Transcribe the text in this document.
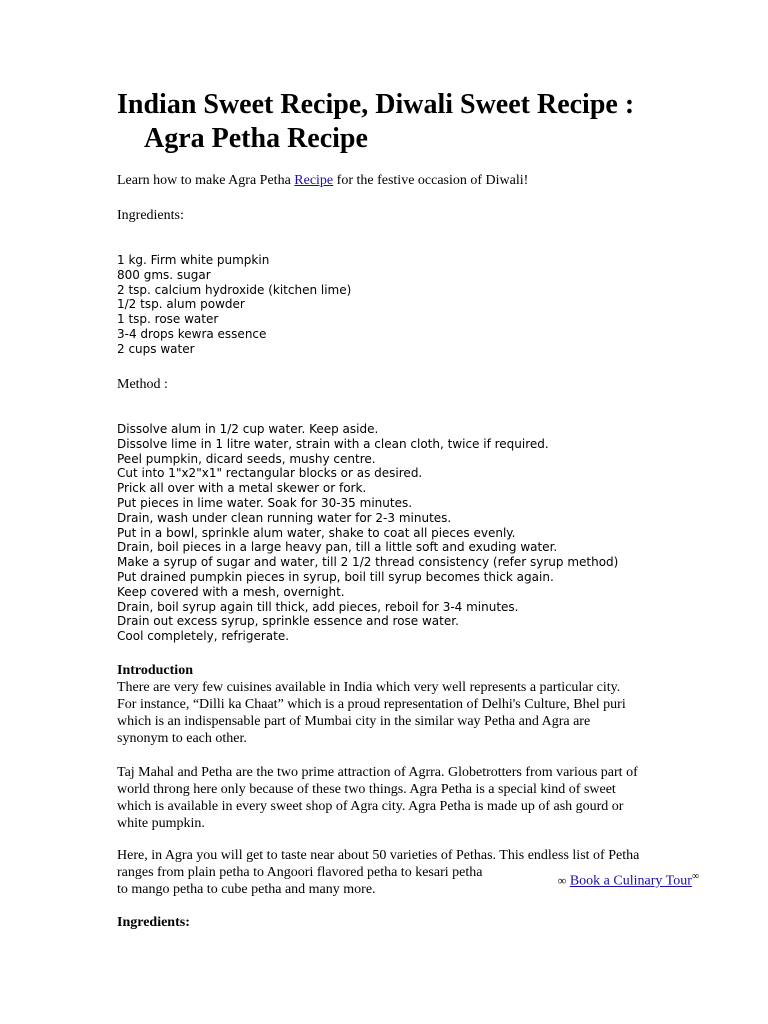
Indian Sweet Recipe, Diwali Sweet Recipe :
Agra Petha Recipe
Learn how to make Agra Petha Recipe for the festive occasion of Diwali!
Ingredients:
1 kg. Firm white pumpkin
800 gms. sugar
2 tsp. calcium hydroxide (kitchen lime)
1/2 tsp. alum powder
1 tsp. rose water
3-4 drops kewra essence
2 cups water
Method :
Dissolve alum in 1/2 cup water. Keep aside.
Dissolve lime in 1 litre water, strain with a clean cloth, twice if required.
Peel pumpkin, dicard seeds, mushy centre.
Cut into 1"x2"x1" rectangular blocks or as desired.
Prick all over with a metal skewer or fork.
Put pieces in lime water. Soak for 30-35 minutes.
Drain, wash under clean running water for 2-3 minutes.
Put in a bowl, sprinkle alum water, shake to coat all pieces evenly.
Drain, boil pieces in a large heavy pan, till a little soft and exuding water.
Make a syrup of sugar and water, till 2 1/2 thread consistency (refer syrup method)
Put drained pumpkin pieces in syrup, boil till syrup becomes thick again.
Keep covered with a mesh, overnight.
Drain, boil syrup again till thick, add pieces, reboil for 3-4 minutes.
Drain out excess syrup, sprinkle essence and rose water.
Cool completely, refrigerate.
Introduction
There are very few cuisines available in India which very well represents a particular city.
For instance, “Dilli ka Chaat” which is a proud representation of Delhi's Culture, Bhel puri
which is an indispensable part of Mumbai city in the similar way Petha and Agra are
synonym to each other.
Taj Mahal and Petha are the two prime attraction of Agrra. Globetrotters from various part of
world throng here only because of these two things. Agra Petha is a special kind of sweet
which is available in every sweet shop of Agra city. Agra Petha is made up of ash gourd or
white pumpkin.
Here, in Agra you will get to taste near about 50 varieties of Pethas. This endless list of Petha
ranges from plain petha to Angoori flavored petha to kesari petha
to mango petha to cube petha and many more.
∞ Book a Culinary Tour∞
Ingredients:
